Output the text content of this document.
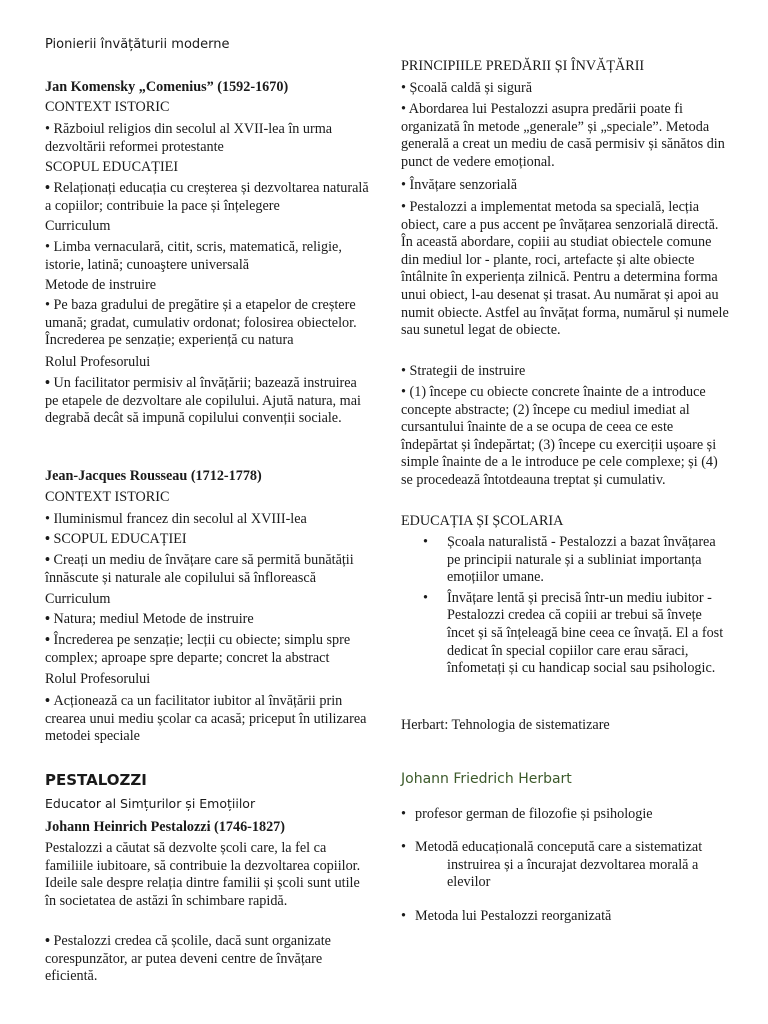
Pionierii învățăturii moderne
Jan Komensky „Comenius” (1592-1670)
CONTEXT ISTORIC
• Războiul religios din secolul al XVII-lea în urma dezvoltării reformei protestante
SCOPUL EDUCAȚIEI
• Relaționați educația cu creșterea și dezvoltarea naturală a copiilor; contribuie la pace și înțelegere
Curriculum
• Limba vernaculară, citit, scris, matematică, religie, istorie, latină; cunoaştere universală
Metode de instruire
• Pe baza gradului de pregătire și a etapelor de creștere umană; gradat, cumulativ ordonat; folosirea obiectelor. Încrederea pe senzație; experiență cu natura
Rolul Profesorului
• Un facilitator permisiv al învățării; bazează instruirea pe etapele de dezvoltare ale copilului. Ajută natura, mai degrabă decât să impună copilului convenții sociale.
Jean-Jacques Rousseau (1712-1778)
CONTEXT ISTORIC
• Iluminismul francez din secolul al XVIII-lea
• SCOPUL EDUCAȚIEI
• Creați un mediu de învățare care să permită bunătății înnăscute și naturale ale copilului să înflorească
Curriculum
• Natura; mediul Metode de instruire
• Încrederea pe senzație; lecții cu obiecte; simplu spre complex; aproape spre departe; concret la abstract
Rolul Profesorului
• Acționează ca un facilitator iubitor al învățării prin crearea unui mediu școlar ca acasă; priceput în utilizarea metodei speciale
PESTALOZZI
Educator al Simțurilor și Emoțiilor
Johann Heinrich Pestalozzi (1746-1827)
Pestalozzi a căutat să dezvolte școli care, la fel ca familiile iubitoare, să contribuie la dezvoltarea copiilor. Ideile sale despre relația dintre familii și școli sunt utile în societatea de astăzi în schimbare rapidă.
• Pestalozzi credea că școlile, dacă sunt organizate corespunzător, ar putea deveni centre de învățare eficientă.
PRINCIPIILE PREDĂRII ȘI ÎNVĂȚĂRII
• Școală caldă și sigură
• Abordarea lui Pestalozzi asupra predării poate fi organizată în metode „generale” și „speciale”. Metoda generală a creat un mediu de casă permisiv și sănătos din punct de vedere emoțional.
• Învățare senzorială
• Pestalozzi a implementat metoda sa specială, lecția obiect, care a pus accent pe învățarea senzorială directă. În această abordare, copiii au studiat obiectele comune din mediul lor - plante, roci, artefacte și alte obiecte întâlnite în experiența zilnică. Pentru a determina forma unui obiect, l-au desenat și trasat. Au numărat și apoi au numit obiecte. Astfel au învățat forma, numărul și numele sau sunetul legat de obiecte.
• Strategii de instruire
• (1) începe cu obiecte concrete înainte de a introduce concepte abstracte; (2) începe cu mediul imediat al cursantului înainte de a se ocupa de ceea ce este îndepărtat și îndepărtat; (3) începe cu exerciții ușoare și simple înainte de a le introduce pe cele complexe; și (4) se procedează întotdeauna treptat și cumulativ.
EDUCAȚIA ȘI ȘCOLARIA
• Școala naturalistă - Pestalozzi a bazat învățarea pe principii naturale și a subliniat importanța emoțiilor umane.
• Învățare lentă și precisă într-un mediu iubitor - Pestalozzi credea că copiii ar trebui să învețe încet și să înțeleagă bine ceea ce învață. El a fost dedicat în special copiilor care erau săraci, înfometați și cu handicap social sau psihologic.
Herbart: Tehnologia de sistematizare
Johann Friedrich Herbart
• profesor german de filozofie și psihologie
• Metodă educațională concepută care a sistematizat
instruirea și a încurajat dezvoltarea morală a elevilor
• Metoda lui Pestalozzi reorganizată
